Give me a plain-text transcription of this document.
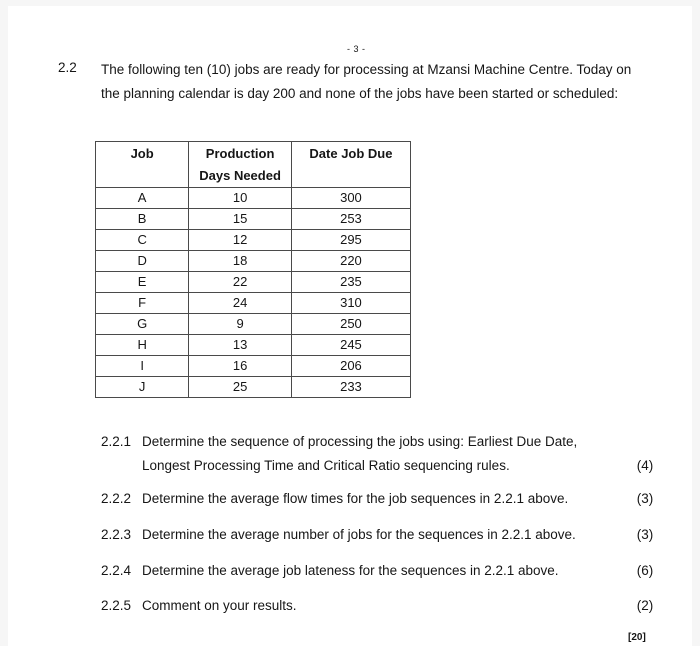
- 3 -
2.2 The following ten (10) jobs are ready for processing at Mzansi Machine Centre. Today on the planning calendar is day 200 and none of the jobs have been started or scheduled:
Job	Production Days Needed	Date Job Due
A	10	300
B	15	253
C	12	295
D	18	220
E	22	235
F	24	310
G	9	250
H	13	245
I	16	206
J	25	233
2.2.1 Determine the sequence of processing the jobs using: Earliest Due Date, Longest Processing Time and Critical Ratio sequencing rules.	(4)
2.2.2 Determine the average flow times for the job sequences in 2.2.1 above.	(3)
2.2.3 Determine the average number of jobs for the sequences in 2.2.1 above.	(3)
2.2.4 Determine the average job lateness for the sequences in 2.2.1 above.	(6)
2.2.5 Comment on your results.	(2)
[20]
